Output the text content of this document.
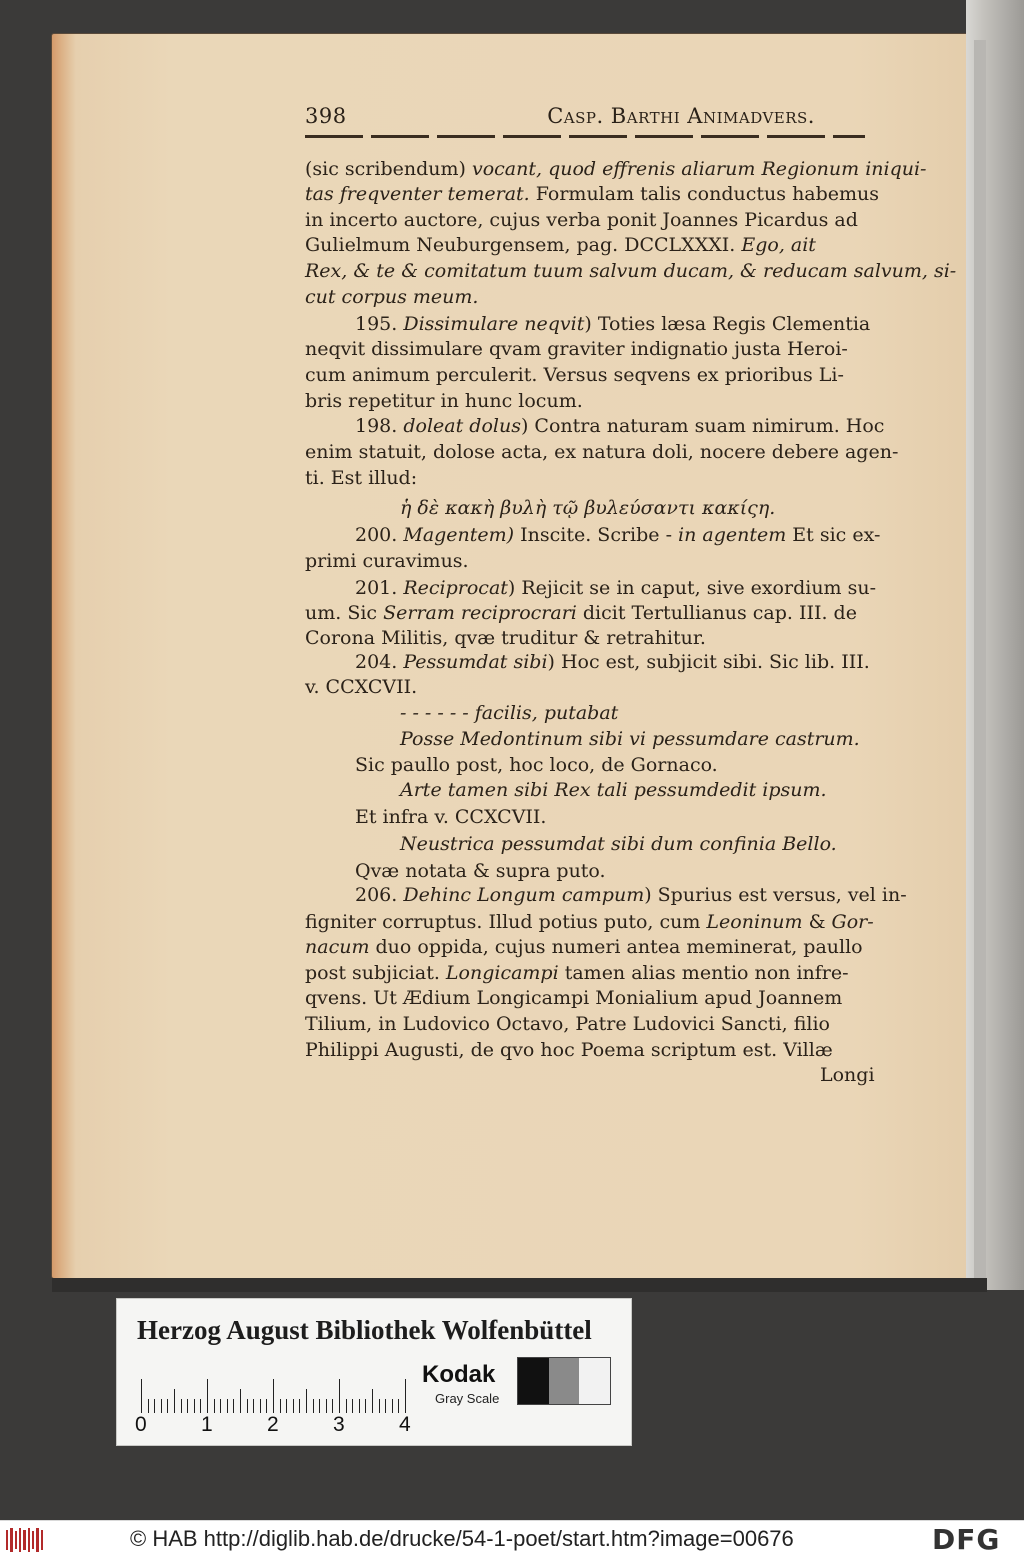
398	Casp. Barthi Animadvers.
(sic scribendum) vocant, quod effrenis aliarum Regionum iniqui-
tas freqventer temerat. Formulam talis conductus habemus
in incerto auctore, cujus verba ponit Joannes Picardus ad
Gulielmum Neuburgensem, pag. DCCLXXXI. Ego, ait
Rex, & te & comitatum tuum salvum ducam, & reducam salvum, si-
cut corpus meum.
195. Dissimulare neqvit) Toties læsa Regis Clementia
neqvit dissimulare qvam graviter indignatio justa Heroi-
cum animum perculerit. Versus seqvens ex prioribus Li-
bris repetitur in hunc locum.
198. doleat dolus) Contra naturam suam nimirum. Hoc
enim statuit, dolose acta, ex natura doli, nocere debere agen-
ti. Est illud:
ἡ δὲ κακὴ βυλὴ τῷ βυλεύσαντι κακίςη.
200. Magentem) Inscite. Scribe - in agentem Et sic ex-
primi curavimus.
201. Reciprocat) Rejicit se in caput, sive exordium su-
um. Sic Serram reciprocrari dicit Tertullianus cap. III. de
Corona Militis, qvæ truditur & retrahitur.
204. Pessumdat sibi) Hoc est, subjicit sibi. Sic lib. III.
v. CCXCVII.
- - - - - - facilis, putabat
Posse Medontinum sibi vi pessumdare castrum.
Sic paullo post, hoc loco, de Gornaco.
Arte tamen sibi Rex tali pessumdedit ipsum.
Et infra v. CCXCVII.
Neustrica pessumdat sibi dum confinia Bello.
Qvæ notata & supra puto.
206. Dehinc Longum campum) Spurius est versus, vel in-
figniter corruptus. Illud potius puto, cum Leoninum & Gor-
nacum duo oppida, cujus numeri antea meminerat, paullo
post subjiciat. Longicampi tamen alias mentio non infre-
qvens. Ut Ædium Longicampi Monialium apud Joannem
Tilium, in Ludovico Octavo, Patre Ludovici Sancti, filio
Philippi Augusti, de qvo hoc Poema scriptum est. Villæ
Longi
Herzog August Bibliothek Wolfenbüttel
0	1	2	3	4
Kodak
Gray Scale
© HAB http://diglib.hab.de/drucke/54-1-poet/start.htm?image=00676	DFG
